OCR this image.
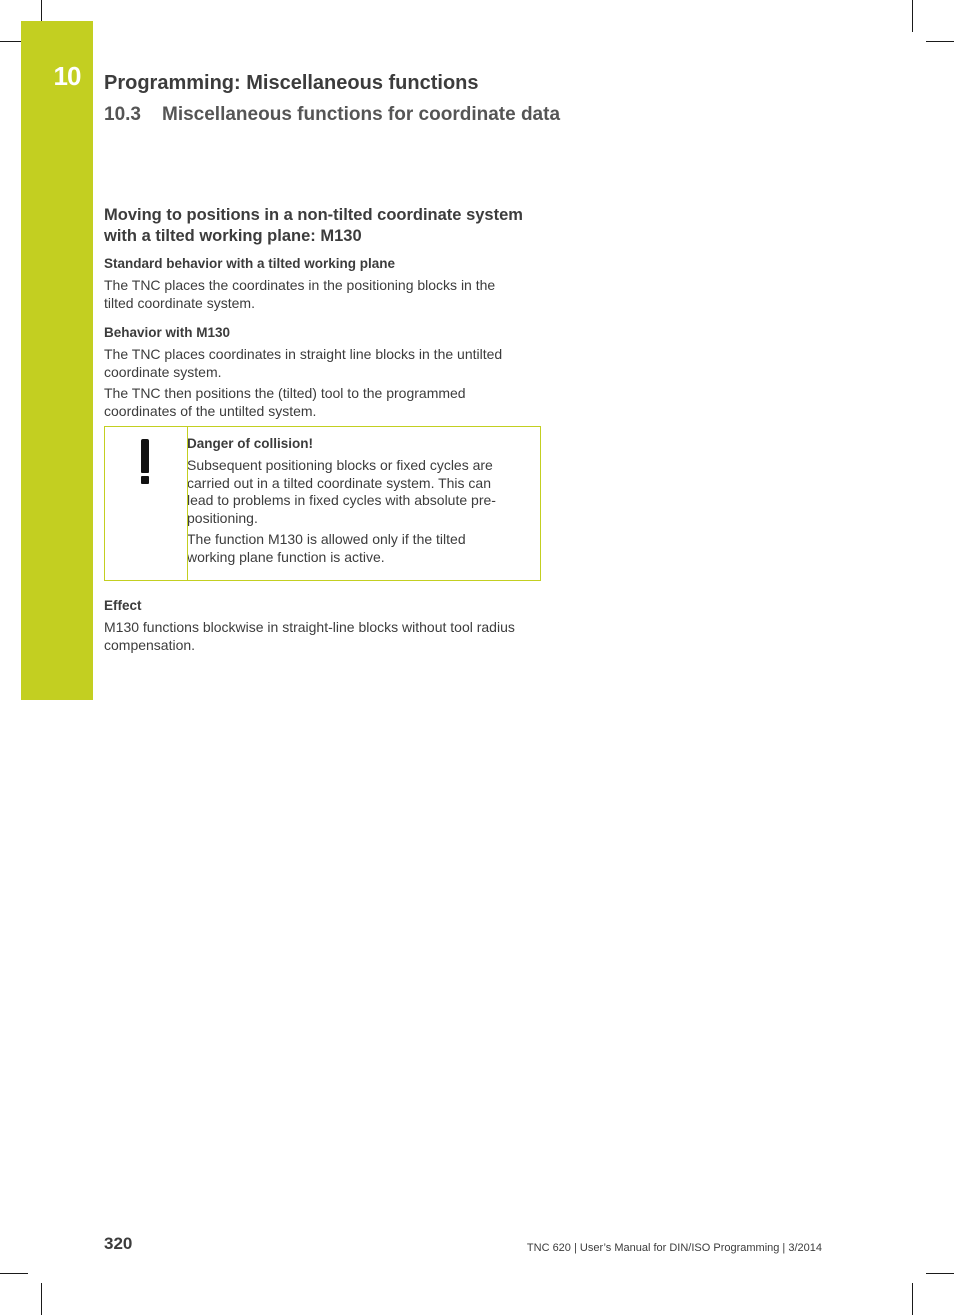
10	Programming: Miscellaneous functions
10.3 Miscellaneous functions for coordinate data
Moving to positions in a non-tilted coordinate system
with a tilted working plane: M130
Standard behavior with a tilted working plane
The TNC places the coordinates in the positioning blocks in the
tilted coordinate system.
Behavior with M130
The TNC places coordinates in straight line blocks in the untilted
coordinate system.
The TNC then positions the (tilted) tool to the programmed
coordinates of the untilted system.
Danger of collision!
Subsequent positioning blocks or fixed cycles are
carried out in a tilted coordinate system. This can
lead to problems in fixed cycles with absolute pre-
positioning.
The function M130 is allowed only if the tilted
working plane function is active.
Effect
M130 functions blockwise in straight-line blocks without tool radius
compensation.
320	TNC 620 | User’s Manual for DIN/ISO Programming | 3/2014
